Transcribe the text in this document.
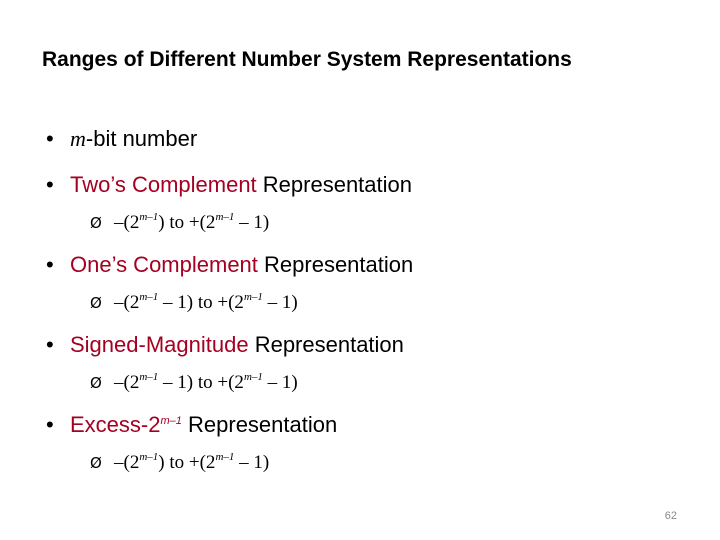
Ranges of Different Number System Representations
• m-bit number
• Two’s Complement Representation
Ø –(2$^{m-1}$) to $+(2^{m-1} - 1)$
• One’s Complement Representation
Ø –(2$^{m-1}$ – 1) to $+(2^{m-1} - 1)$
• Signed-Magnitude Representation
Ø –(2$^{m-1}$ – 1) to $+(2^{m-1} - 1)$
• Excess-2$^{m-1}$ Representation
Ø –(2$^{m-1}$) to $+(2^{m-1} - 1)$
62
